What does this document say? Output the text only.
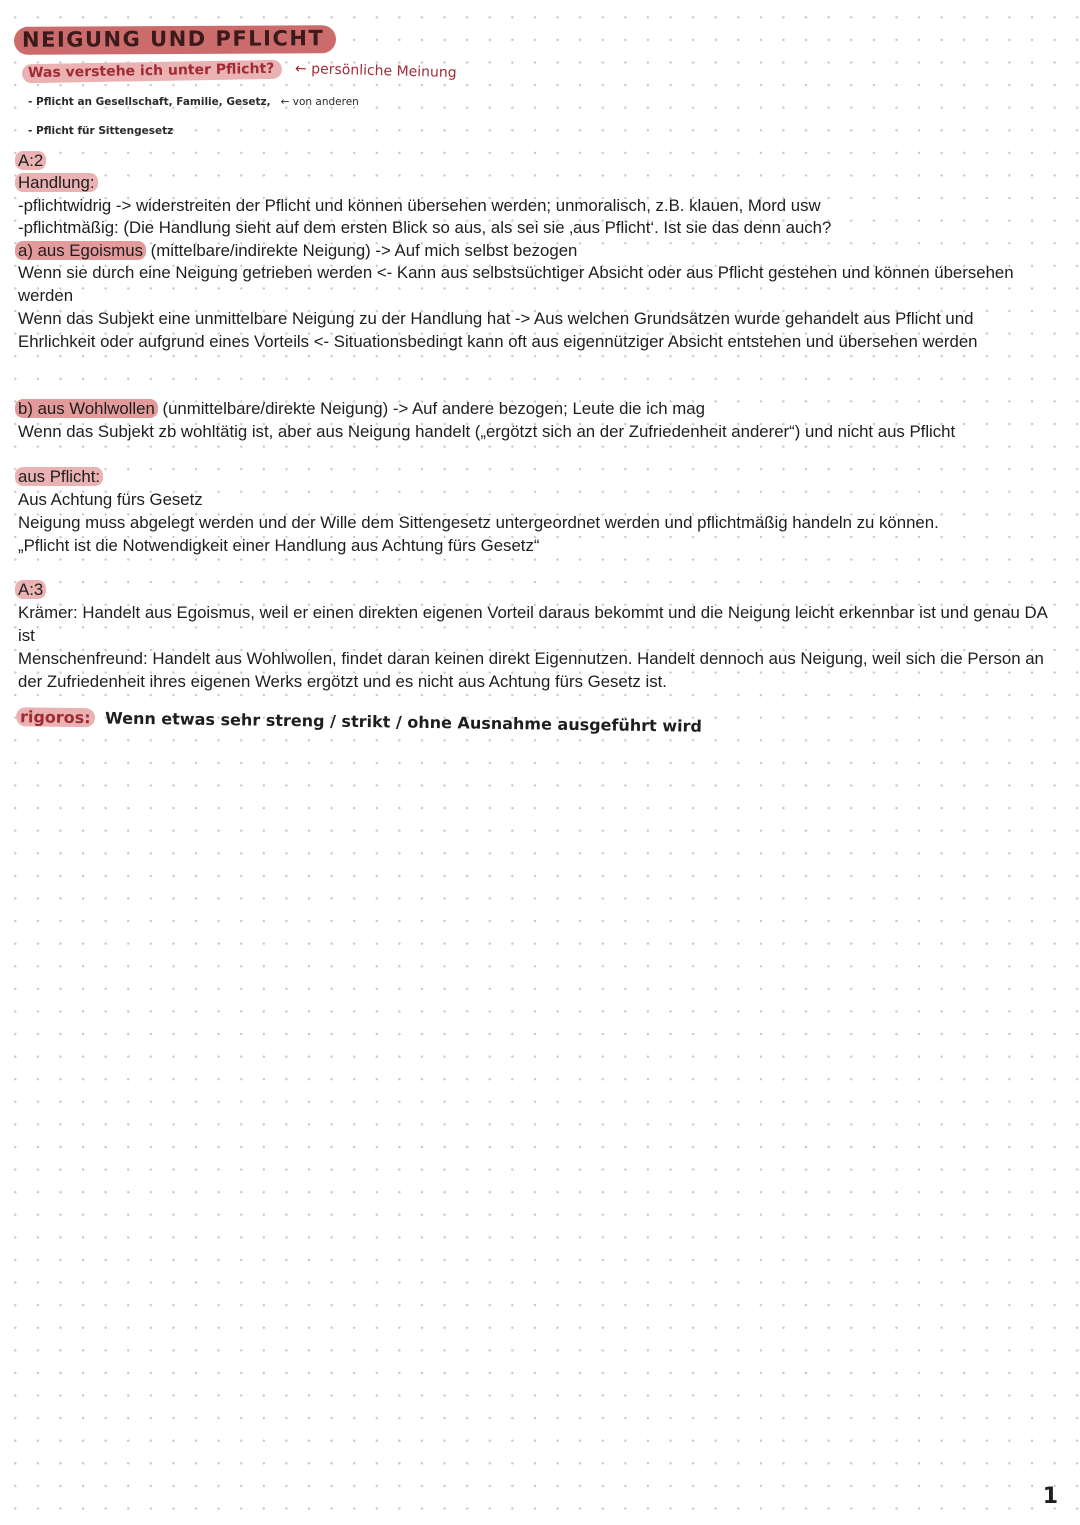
NEIGUNG UND PFLICHT
Was verstehe ich unter Pflicht? ← persönliche Meinung
- Pflicht an Gesellschaft, Familie, Gesetz, ← von anderen
- Pflicht für Sittengesetz

A:2

Handlung:

-pflichtwidrig -> widerstreiten der Pflicht und können übersehen werden; unmoralisch, z.B. klauen, Mord usw

-pflichtmäßig: (Die Handlung sieht auf dem ersten Blick so aus, als sei sie ‚aus Pflicht‘. Ist sie das denn auch?

a) aus Egoismus (mittelbare/indirekte Neigung) -> Auf mich selbst bezogen

Wenn sie durch eine Neigung getrieben werden <- Kann aus selbstsüchtiger Absicht oder aus Pflicht gestehen und können übersehen werden

Wenn das Subjekt eine unmittelbare Neigung zu der Handlung hat -> Aus welchen Grundsätzen wurde gehandelt aus Pflicht und Ehrlichkeit oder aufgrund eines Vorteils <- Situationsbedingt kann oft aus eigennütziger Absicht entstehen und übersehen werden

b) aus Wohlwollen (unmittelbare/direkte Neigung) -> Auf andere bezogen; Leute die ich mag

Wenn das Subjekt zb wohltätig ist, aber aus Neigung handelt („ergötzt sich an der Zufriedenheit anderer“) und nicht aus Pflicht

aus Pflicht:

Aus Achtung fürs Gesetz

Neigung muss abgelegt werden und der Wille dem Sittengesetz untergeordnet werden und pflichtmäßig handeln zu können.

„Pflicht ist die Notwendigkeit einer Handlung aus Achtung fürs Gesetz“

A:3

Krämer: Handelt aus Egoismus, weil er einen direkten eigenen Vorteil daraus bekommt und die Neigung leicht erkennbar ist und genau DA ist

Menschenfreund: Handelt aus Wohlwollen, findet daran keinen direkt Eigennutzen. Handelt dennoch aus Neigung, weil sich die Person an der Zufriedenheit ihres eigenen Werks ergötzt und es nicht aus Achtung fürs Gesetz ist.

rigoros: Wenn etwas sehr streng / strikt / ohne Ausnahme ausgeführt wird
1
